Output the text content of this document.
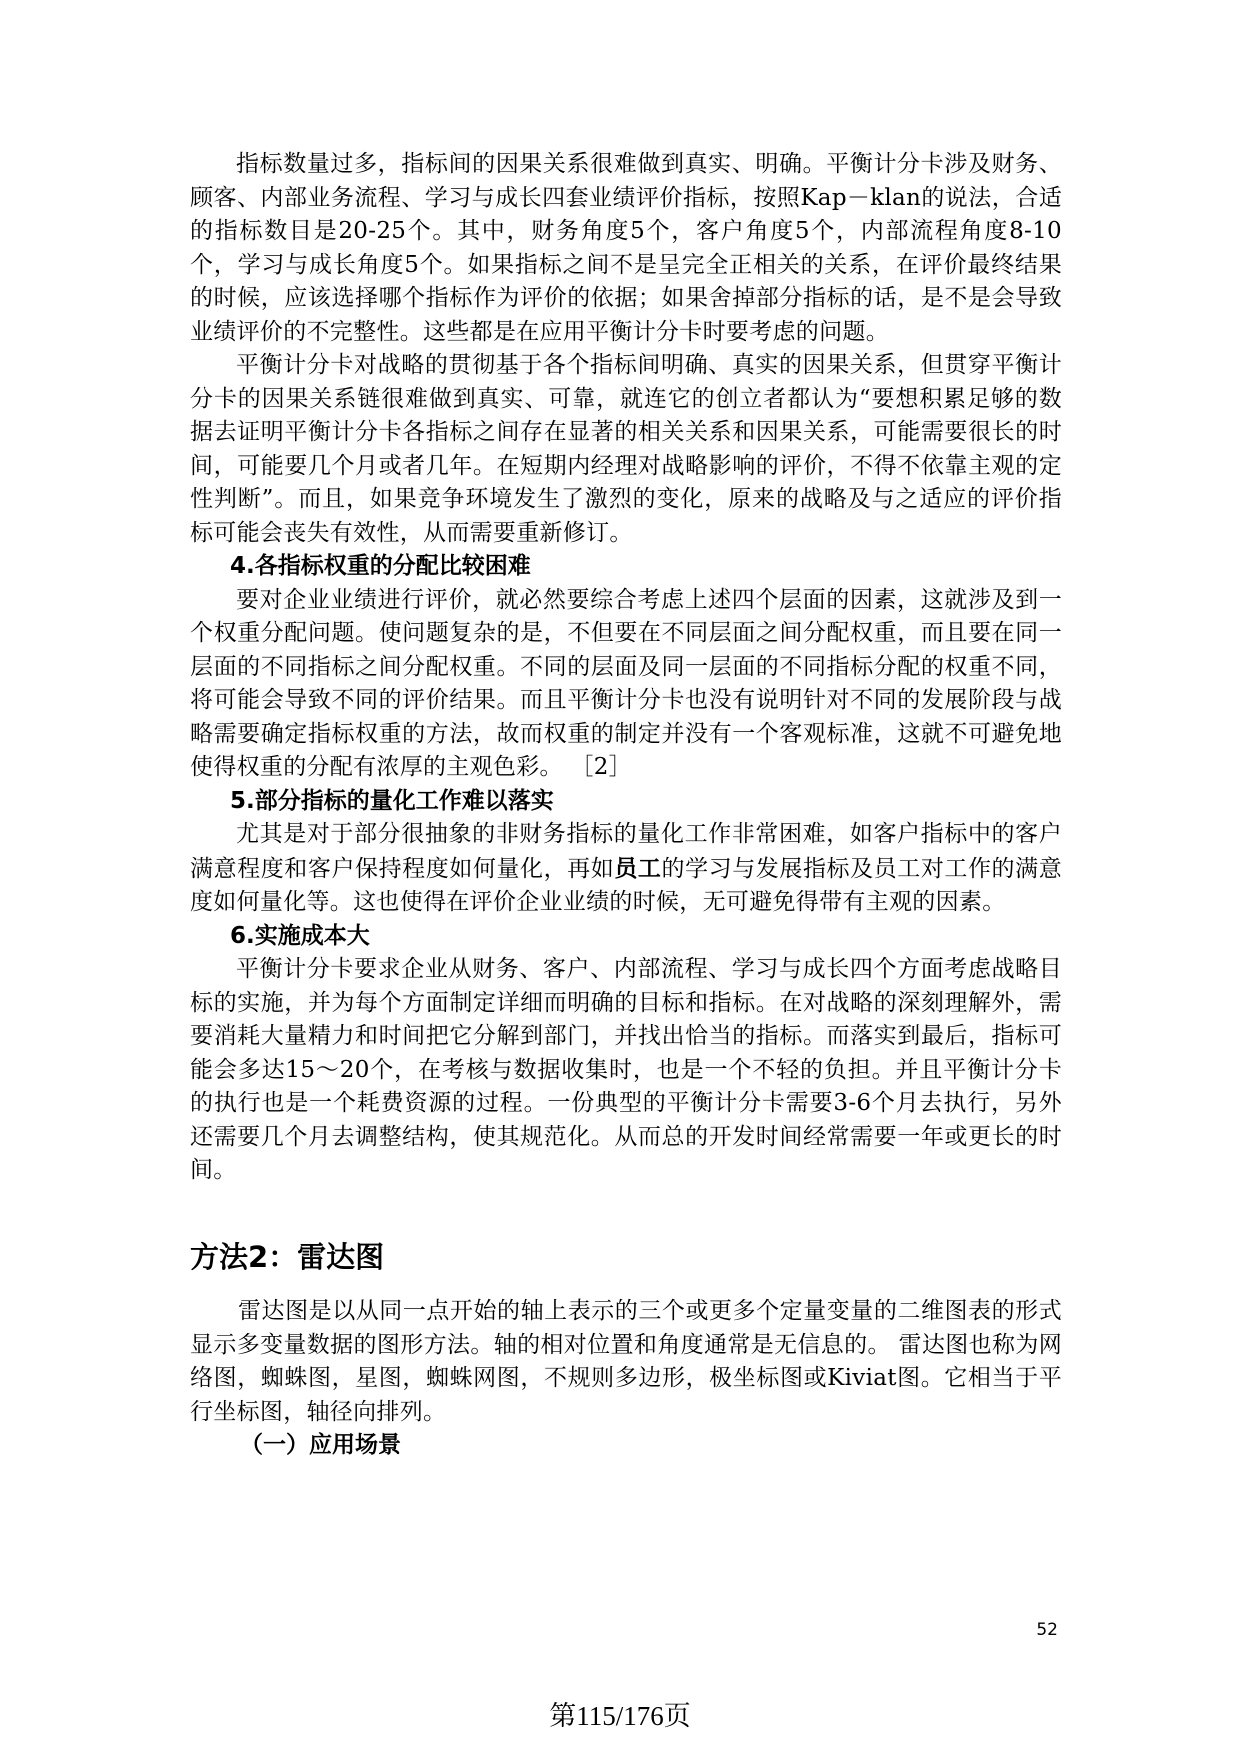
指标数量过多，指标间的因果关系很难做到真实、明确。平衡计分卡涉及财务、顾客、内部业务流程、学习与成长四套业绩评价指标，按照Kap－klan的说法，合适的指标数目是20-25个。其中，财务角度5个，客户角度5个，内部流程角度8-10个，学习与成长角度5个。如果指标之间不是呈完全正相关的关系，在评价最终结果的时候，应该选择哪个指标作为评价的依据；如果舍掉部分指标的话，是不是会导致业绩评价的不完整性。这些都是在应用平衡计分卡时要考虑的问题。

平衡计分卡对战略的贯彻基于各个指标间明确、真实的因果关系，但贯穿平衡计分卡的因果关系链很难做到真实、可靠，就连它的创立者都认为“要想积累足够的数据去证明平衡计分卡各指标之间存在显著的相关关系和因果关系，可能需要很长的时间，可能要几个月或者几年。在短期内经理对战略影响的评价，不得不依靠主观的定性判断”。而且，如果竞争环境发生了激烈的变化，原来的战略及与之适应的评价指标可能会丧失有效性，从而需要重新修订。

4.各指标权重的分配比较困难

要对企业业绩进行评价，就必然要综合考虑上述四个层面的因素，这就涉及到一个权重分配问题。使问题复杂的是，不但要在不同层面之间分配权重，而且要在同一层面的不同指标之间分配权重。不同的层面及同一层面的不同指标分配的权重不同，将可能会导致不同的评价结果。而且平衡计分卡也没有说明针对不同的发展阶段与战略需要确定指标权重的方法，故而权重的制定并没有一个客观标准，这就不可避免地使得权重的分配有浓厚的主观色彩。 ［2］

5.部分指标的量化工作难以落实

尤其是对于部分很抽象的非财务指标的量化工作非常困难，如客户指标中的客户满意程度和客户保持程度如何量化，再如员工的学习与发展指标及员工对工作的满意度如何量化等。这也使得在评价企业业绩的时候，无可避免得带有主观的因素。

6.实施成本大

平衡计分卡要求企业从财务、客户、内部流程、学习与成长四个方面考虑战略目标的实施，并为每个方面制定详细而明确的目标和指标。在对战略的深刻理解外，需要消耗大量精力和时间把它分解到部门，并找出恰当的指标。而落实到最后，指标可能会多达15～20个，在考核与数据收集时，也是一个不轻的负担。并且平衡计分卡的执行也是一个耗费资源的过程。一份典型的平衡计分卡需要3-6个月去执行，另外还需要几个月去调整结构，使其规范化。从而总的开发时间经常需要一年或更长的时间。

方法2：雷达图

雷达图是以从同一点开始的轴上表示的三个或更多个定量变量的二维图表的形式显示多变量数据的图形方法。轴的相对位置和角度通常是无信息的。 雷达图也称为网络图，蜘蛛图，星图，蜘蛛网图，不规则多边形，极坐标图或Kiviat图。它相当于平行坐标图，轴径向排列。

（一）应用场景

52
第115/176页
